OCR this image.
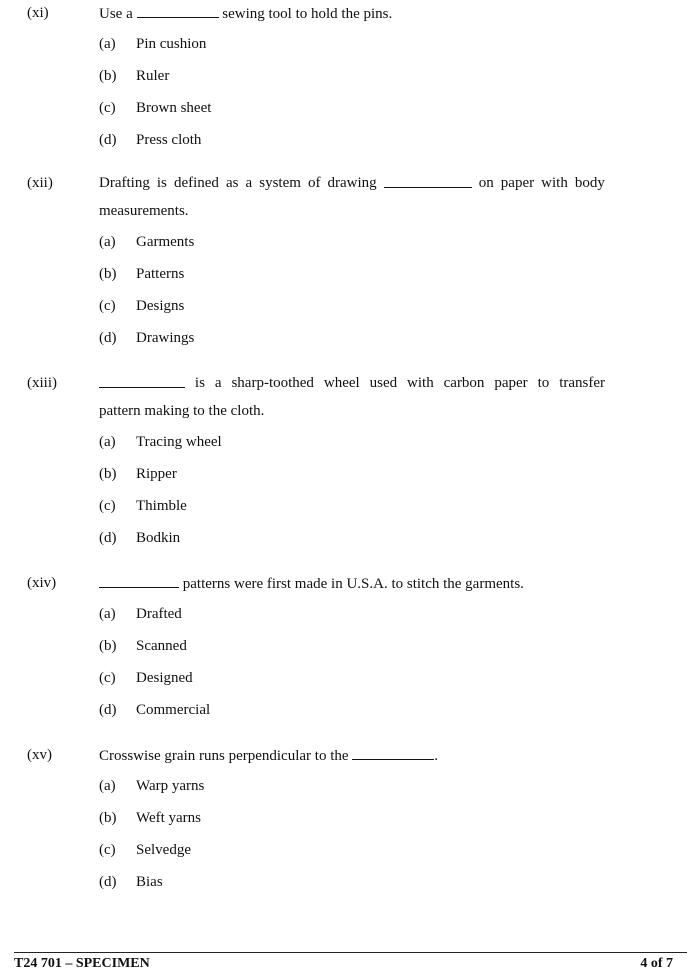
(xi)	Use a	sewing tool to hold the pins.
(a) Pin cushion
(b) Ruler
(c) Brown sheet
(d) Press cloth
(xii)	Drafting is defined as a system of drawing	on paper with body
measurements.
(a) Garments
(b) Patterns
(c) Designs
(d) Drawings
(xiii)	is a sharp-toothed wheel used with carbon paper to transfer
pattern making to the cloth.
(a) Tracing wheel
(b) Ripper
(c) Thimble
(d) Bodkin
(xiv)	patterns were first made in U.S.A. to stitch the garments.
(a) Drafted
(b) Scanned
(c) Designed
(d) Commercial
(xv)	Crosswise grain runs perpendicular to the	.
(a) Warp yarns
(b) Weft yarns
(c) Selvedge
(d) Bias
T24 701 – SPECIMEN	4 of 7
